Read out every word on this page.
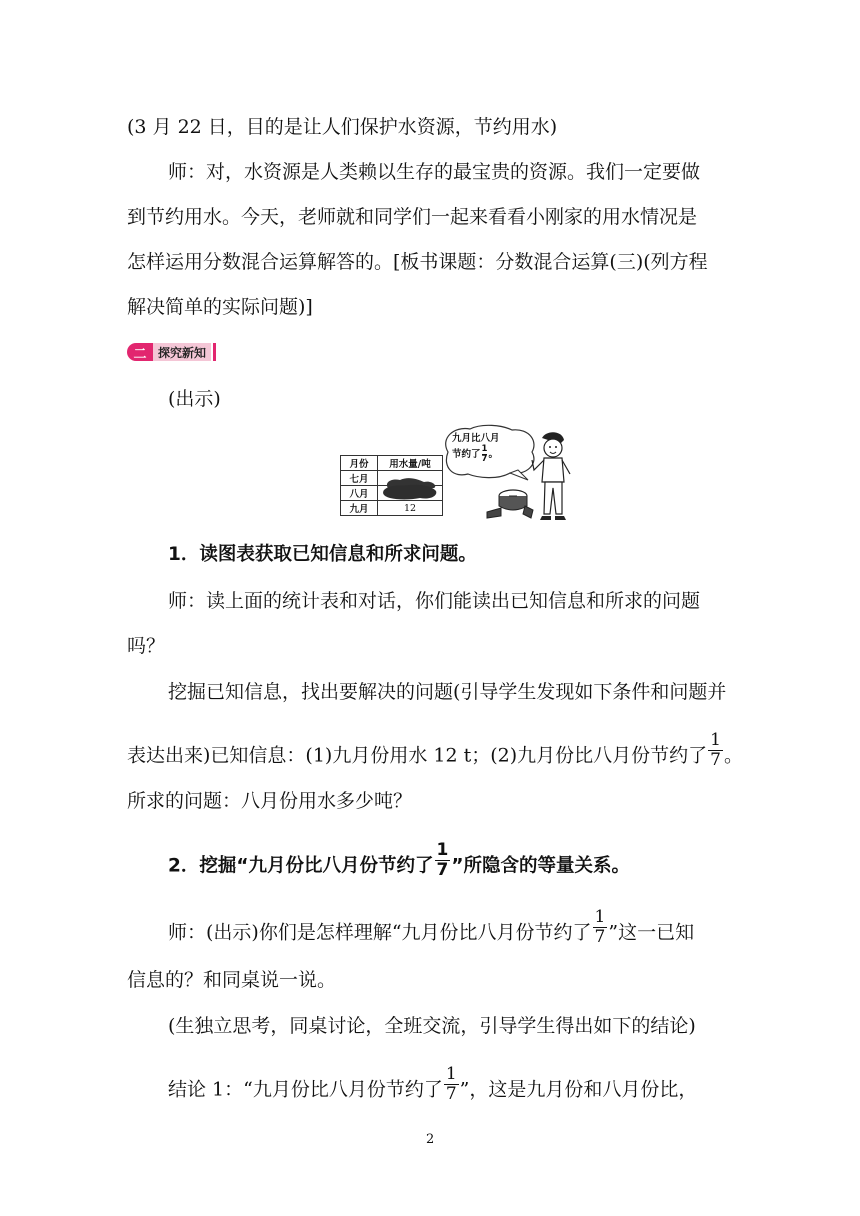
(3 月 22 日，目的是让人们保护水资源，节约用水)
师：对，水资源是人类赖以生存的最宝贵的资源。我们一定要做
到节约用水。今天，老师就和同学们一起来看看小刚家的用水情况是
怎样运用分数混合运算解答的。[板书课题：分数混合运算(三)(列方程
解决简单的实际问题)]
二 探究新知
(出示)
月份	用水量/吨
七月	

八月	

九月	12
九月比八月
节约了 $\frac{1}{7}$ 。
1．读图表获取已知信息和所求问题。
师：读上面的统计表和对话，你们能读出已知信息和所求的问题
吗？
挖掘已知信息，找出要解决的问题(引导学生发现如下条件和问题并
表达出来)已知信息：(1)九月份用水 12 t；(2)九月份比八月份节约了 $\frac{1}{7}$ 。
所求的问题：八月份用水多少吨？
2．挖掘“九月份比八月份节约了 $\frac{1}{7}$ ”所隐含的等量关系。
师：(出示)你们是怎样理解“九月份比八月份节约了 $\frac{1}{7}$ ”这一已知
信息的？和同桌说一说。
(生独立思考，同桌讨论，全班交流，引导学生得出如下的结论)
结论 1：“九月份比八月份节约了 $\frac{1}{7}$ ”，这是九月份和八月份比，
2
